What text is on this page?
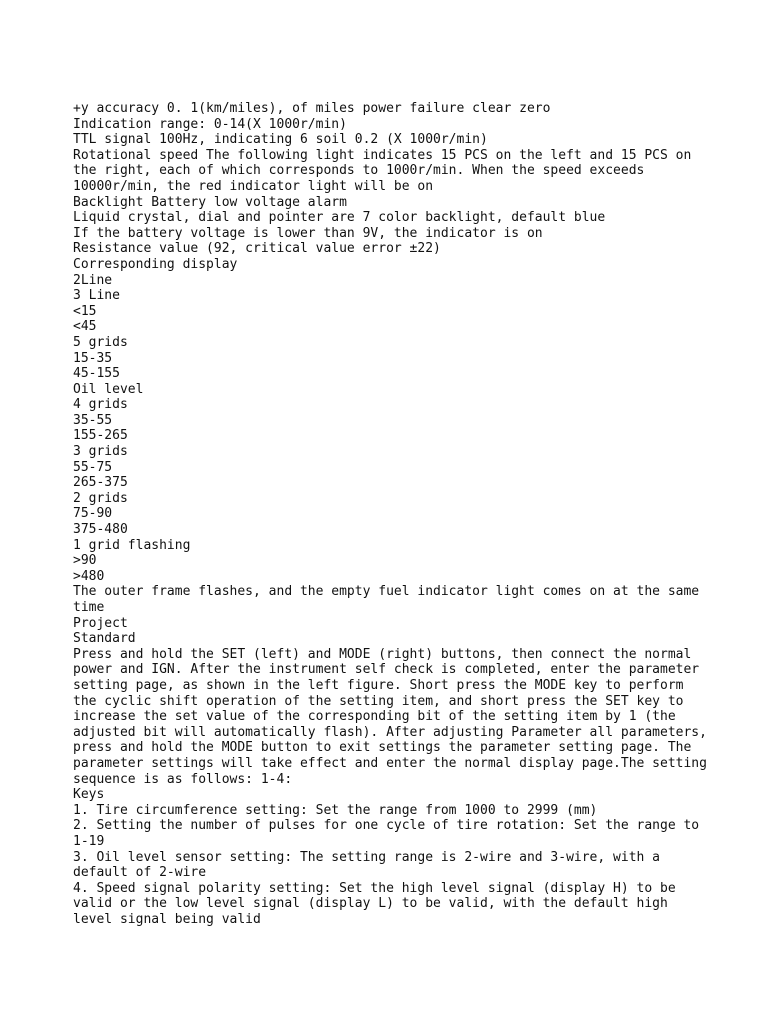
+y accuracy 0. 1(km/miles), of miles power failure clear zero
Indication range: 0-14(X 1000r/min)
TTL signal 100Hz, indicating 6 soil 0.2 (X 1000r/min)
Rotational speed The following light indicates 15 PCS on the left and 15 PCS on the right, each of which corresponds to 1000r/min. When the speed exceeds 10000r/min, the red indicator light will be on
Backlight Battery low voltage alarm
Liquid crystal, dial and pointer are 7 color backlight, default blue
If the battery voltage is lower than 9V, the indicator is on
Resistance value (92, critical value error ±22)
Corresponding display
2Line
3 Line
<15
<45
5 grids
15-35
45-155
Oil level
4 grids
35-55
155-265
3 grids
55-75
265-375
2 grids
75-90
375-480
1 grid flashing
>90
>480
The outer frame flashes, and the empty fuel indicator light comes on at the same time
Project
Standard
Press and hold the SET (left) and MODE (right) buttons, then connect the normal power and IGN. After the instrument self check is completed, enter the parameter setting page, as shown in the left figure. Short press the MODE key to perform the cyclic shift operation of the setting item, and short press the SET key to increase the set value of the corresponding bit of the setting item by 1 (the adjusted bit will automatically flash). After adjusting Parameter all parameters, press and hold the MODE button to exit settings the parameter setting page. The parameter settings will take effect and enter the normal display page.The setting sequence is as follows: 1-4:
Keys
1. Tire circumference setting: Set the range from 1000 to 2999 (mm)
2. Setting the number of pulses for one cycle of tire rotation: Set the range to 1-19
3. Oil level sensor setting: The setting range is 2-wire and 3-wire, with a default of 2-wire
4. Speed signal polarity setting: Set the high level signal (display H) to be valid or the low level signal (display L) to be valid, with the default high level signal being valid
